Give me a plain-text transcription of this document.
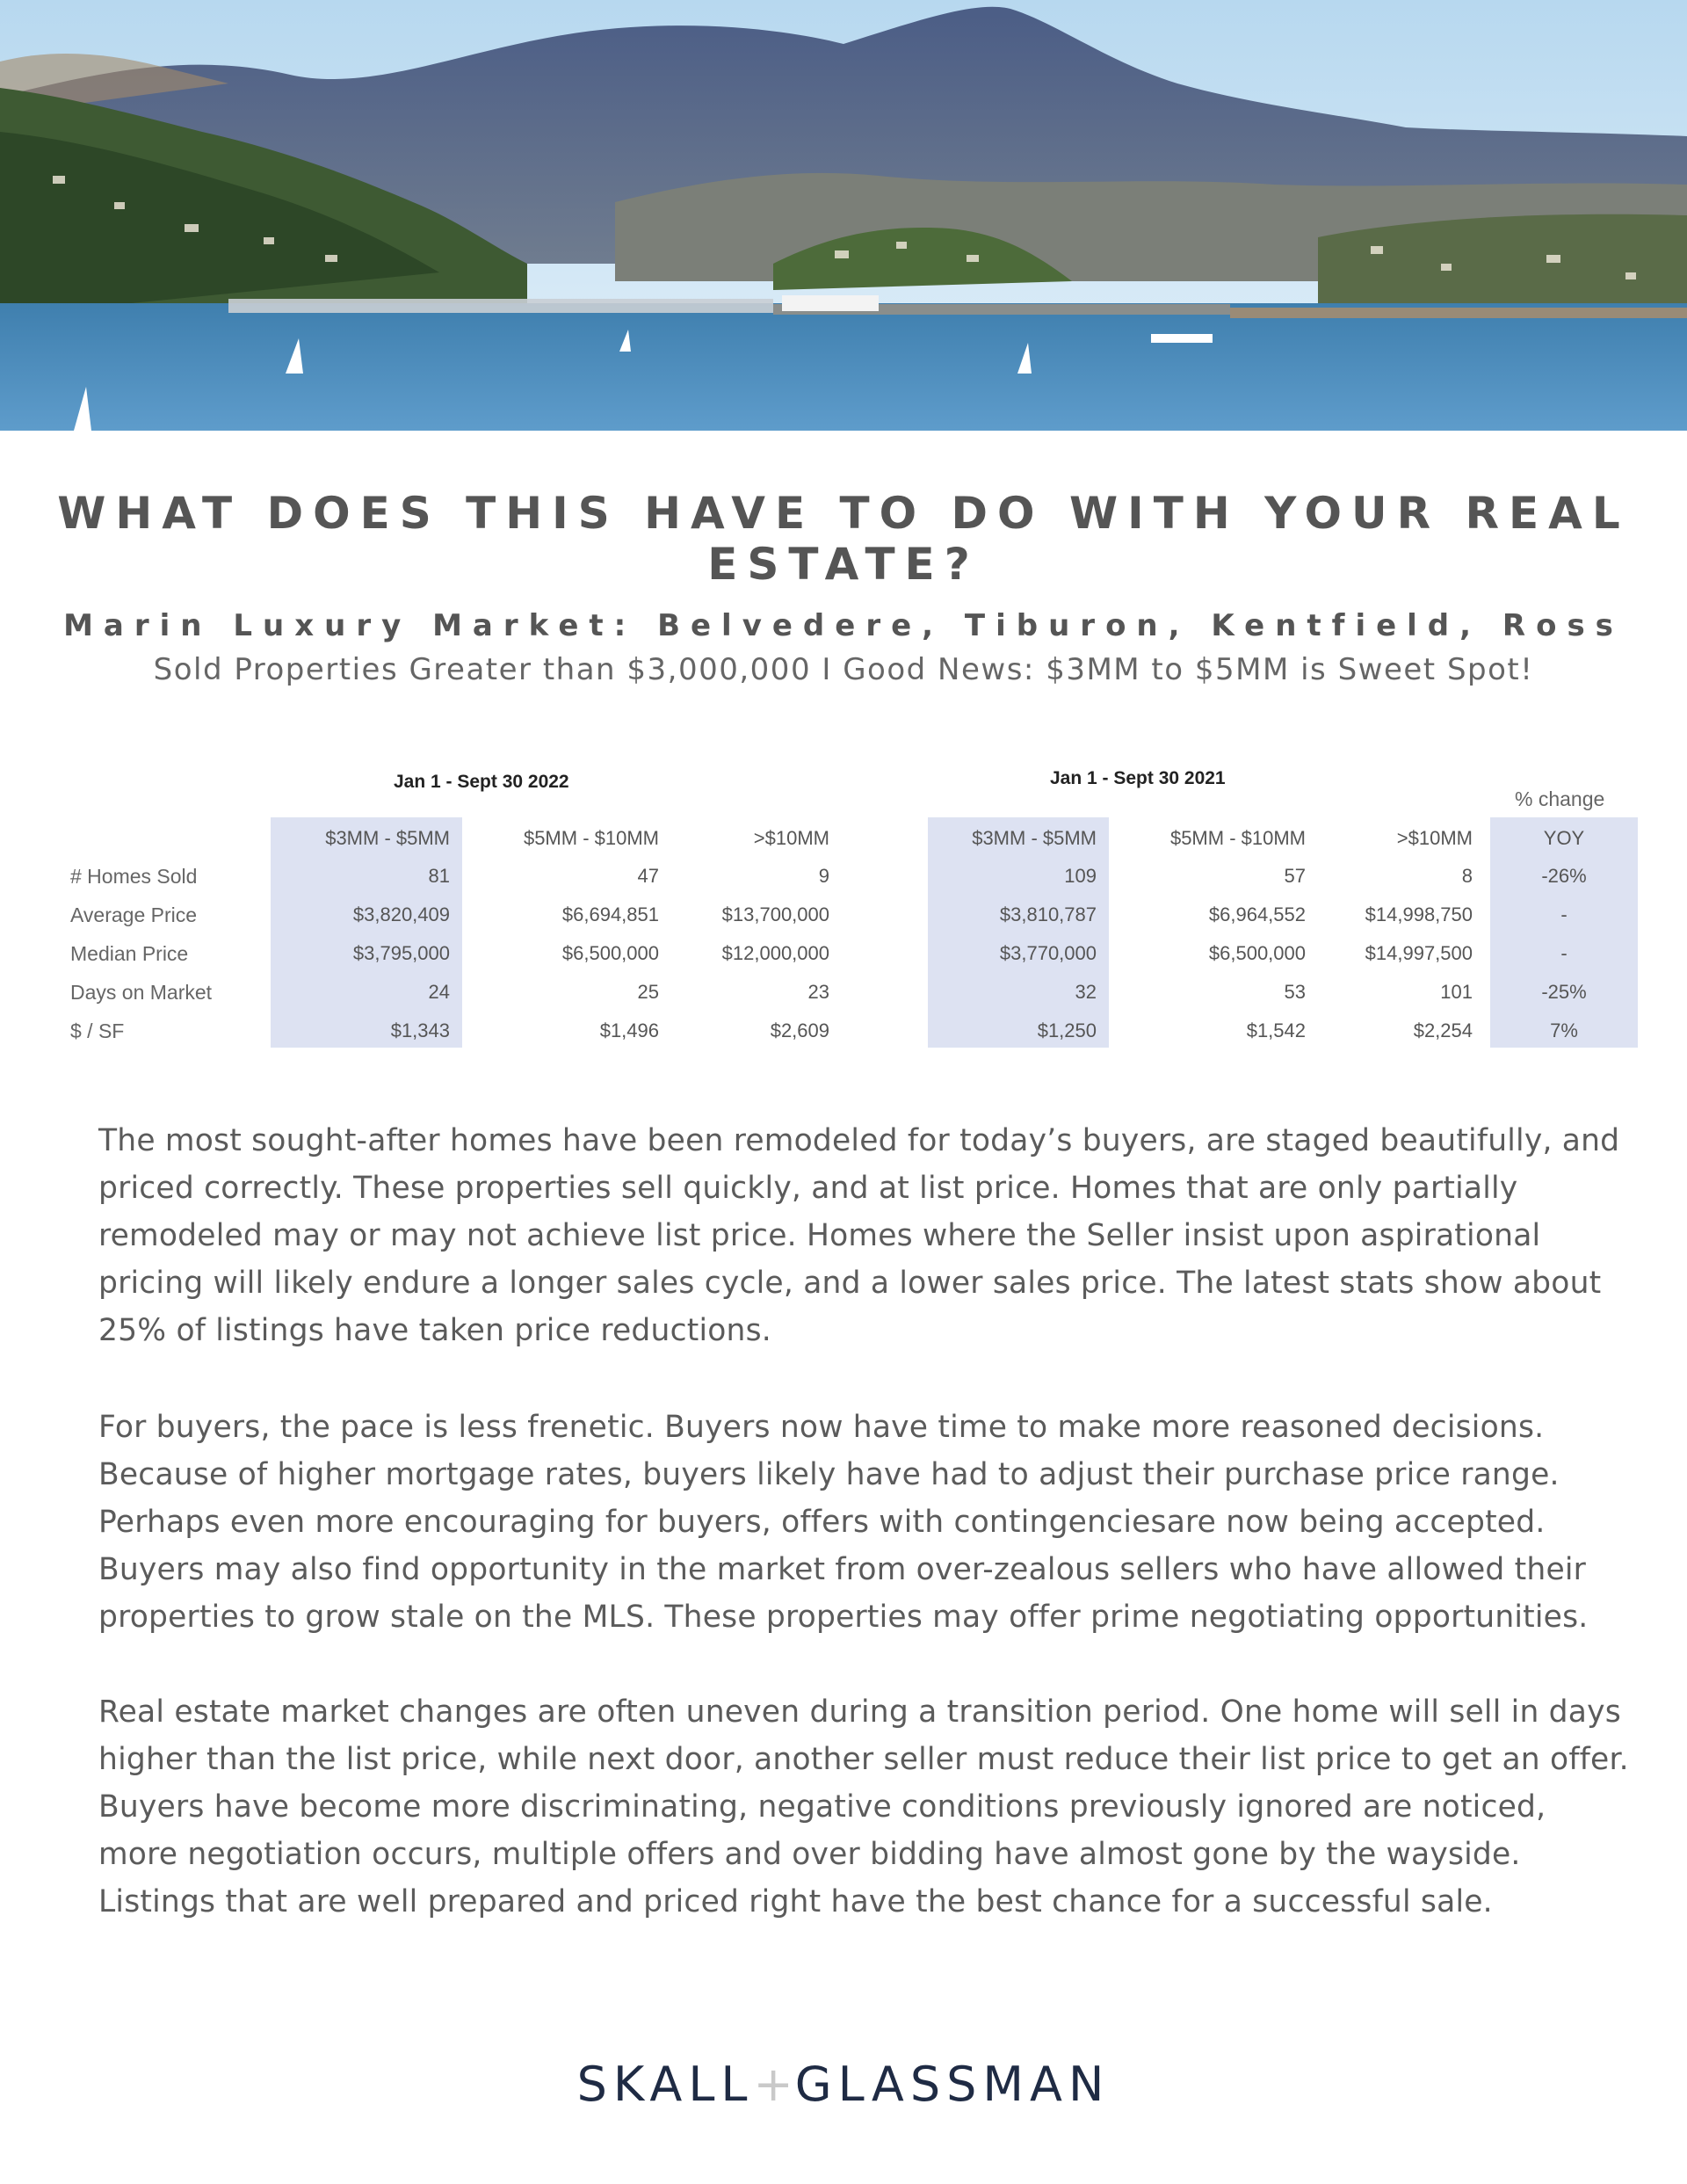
WHAT DOES THIS HAVE TO DO WITH YOUR REAL ESTATE?
Marin Luxury Market: Belvedere, Tiburon, Kentfield, Ross
Sold Properties Greater than $3,000,000 I Good News: $3MM to $5MM is Sweet Spot!
Jan 1 - Sept 30 2022	Jan 1 - Sept 30 2021
% change
$3MM - $5MM	$5MM - $10MM	>$10MM	$3MM - $5MM	$5MM - $10MM	>$10MM	YOY
# Homes Sold	81	47	9	109	57	8	-26%
Average Price	$3,820,409	$6,694,851	$13,700,000	$3,810,787	$6,964,552	$14,998,750	-
Median Price	$3,795,000	$6,500,000	$12,000,000	$3,770,000	$6,500,000	$14,997,500	-
Days on Market	24	25	23	32	53	101	-25%
$ / SF	$1,343	$1,496	$2,609	$1,250	$1,542	$2,254	7%
The most sought-after homes have been remodeled for today’s buyers, are staged beautifully, and
priced correctly. These properties sell quickly, and at list price. Homes that are only partially
remodeled may or may not achieve list price. Homes where the Seller insist upon aspirational
pricing will likely endure a longer sales cycle, and a lower sales price. The latest stats show about
25% of listings have taken price reductions.
For buyers, the pace is less frenetic. Buyers now have time to make more reasoned decisions.
Because of higher mortgage rates, buyers likely have had to adjust their purchase price range.
Perhaps even more encouraging for buyers, offers with contingenciesare now being accepted.
Buyers may also find opportunity in the market from over-zealous sellers who have allowed their
properties to grow stale on the MLS. These properties may offer prime negotiating opportunities.
Real estate market changes are often uneven during a transition period. One home will sell in days
higher than the list price, while next door, another seller must reduce their list price to get an offer.
Buyers have become more discriminating, negative conditions previously ignored are noticed,
more negotiation occurs, multiple offers and over bidding have almost gone by the wayside.
Listings that are well prepared and priced right have the best chance for a successful sale.
SKALL+GLASSMAN
